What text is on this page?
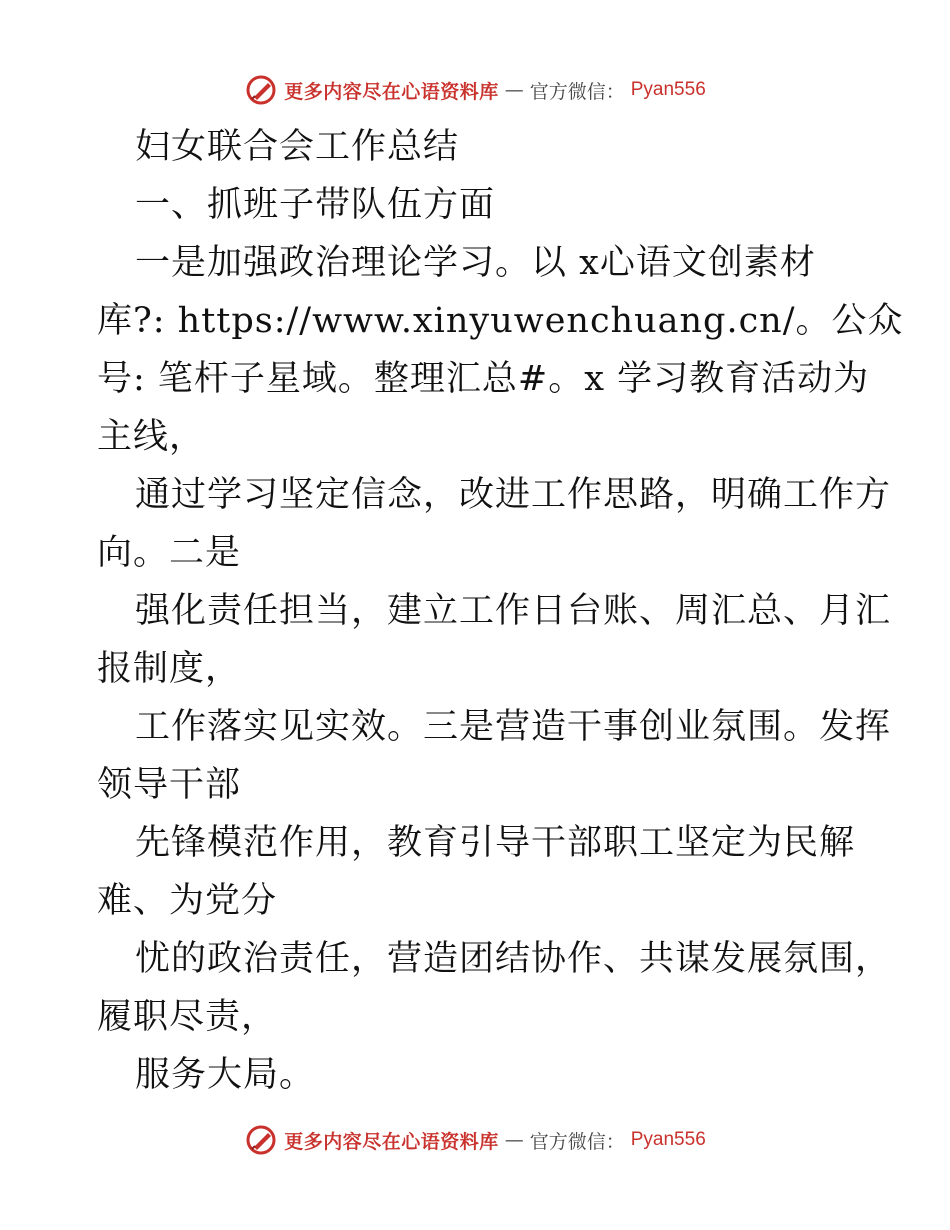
更多内容尽在心语资料库 — 官方微信： Pyan556
妇女联合会工作总结
一、抓班子带队伍方面
一是加强政治理论学习。以 x心语文创素材
库?: https://www.xinyuwenchuang.cn/。公众
号: 笔杆子星域。整理汇总#。x 学习教育活动为
主线，
通过学习坚定信念，改进工作思路，明确工作方
向。二是
强化责任担当，建立工作日台账、周汇总、月汇
报制度，
工作落实见实效。三是营造干事创业氛围。发挥
领导干部
先锋模范作用，教育引导干部职工坚定为民解
难、为党分
忧的政治责任，营造团结协作、共谋发展氛围，
履职尽责，
服务大局。
更多内容尽在心语资料库 — 官方微信： Pyan556
